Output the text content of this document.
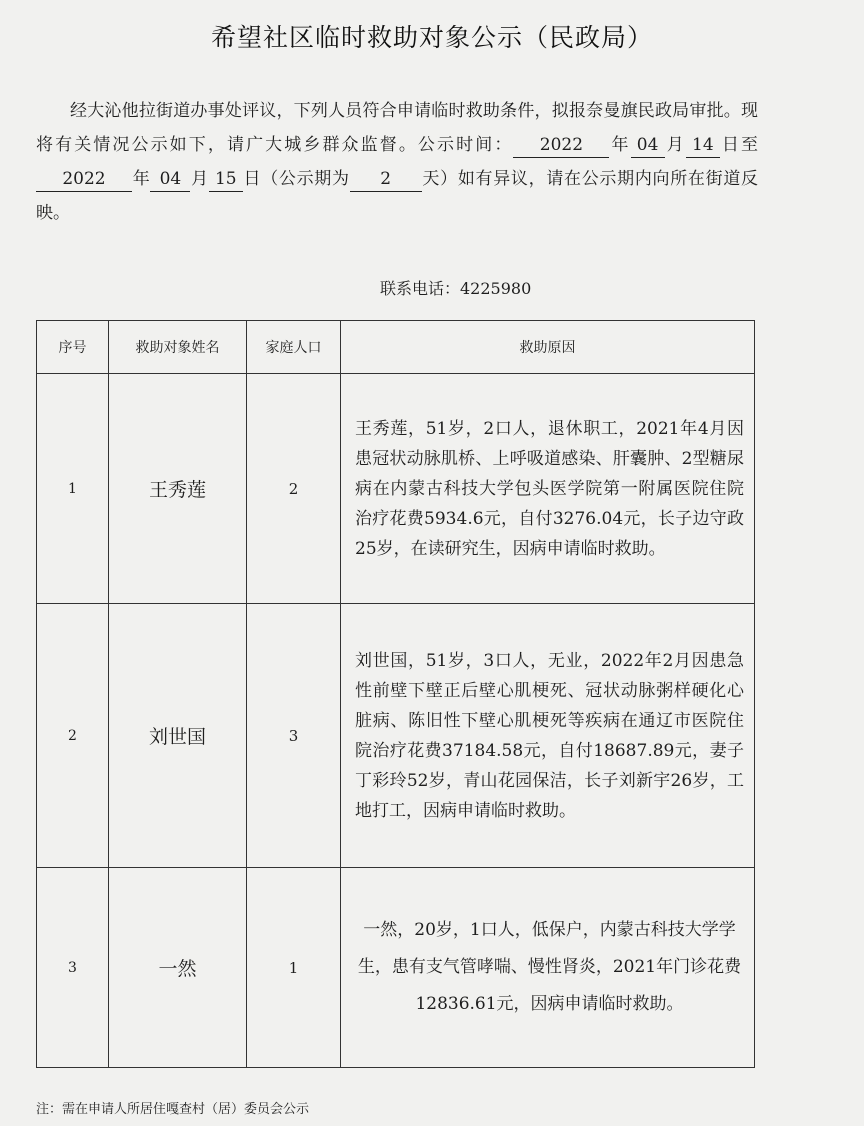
希望社区临时救助对象公示（民政局）

经大沁他拉街道办事处评议，下列人员符合申请临时救助条件，拟报奈曼旗民政局审批。现将有关情况公示如下，请广大城乡群众监督。公示时间： 2022 年 04 月 14 日至2022 年 04 月 15 日（公示期为 2 天）如有异议，请在公示期内向所在街道反映。

联系电话：4225980
序号	救助对象姓名	家庭人口	救助原因
1	王秀莲	2	王秀莲，51岁，2口人，退休职工，2021年4月因患冠状动脉肌桥、上呼吸道感染、肝囊肿、2型糖尿病在内蒙古科技大学包头医学院第一附属医院住院治疗花费5934.6元，自付3276.04元，长子边守政25岁，在读研究生，因病申请临时救助。
2	刘世国	3	刘世国，51岁，3口人，无业，2022年2月因患急性前壁下壁正后壁心肌梗死、冠状动脉粥样硬化心脏病、陈旧性下壁心肌梗死等疾病在通辽市医院住院治疗花费37184.58元，自付18687.89元，妻子丁彩玲52岁，青山花园保洁，长子刘新宇26岁，工地打工，因病申请临时救助。
3	一然	1	一然，20岁，1口人，低保户，内蒙古科技大学学生，患有支气管哮喘、慢性肾炎，2021年门诊花费12836.61元，因病申请临时救助。
注：需在申请人所居住嘎查村（居）委员会公示
